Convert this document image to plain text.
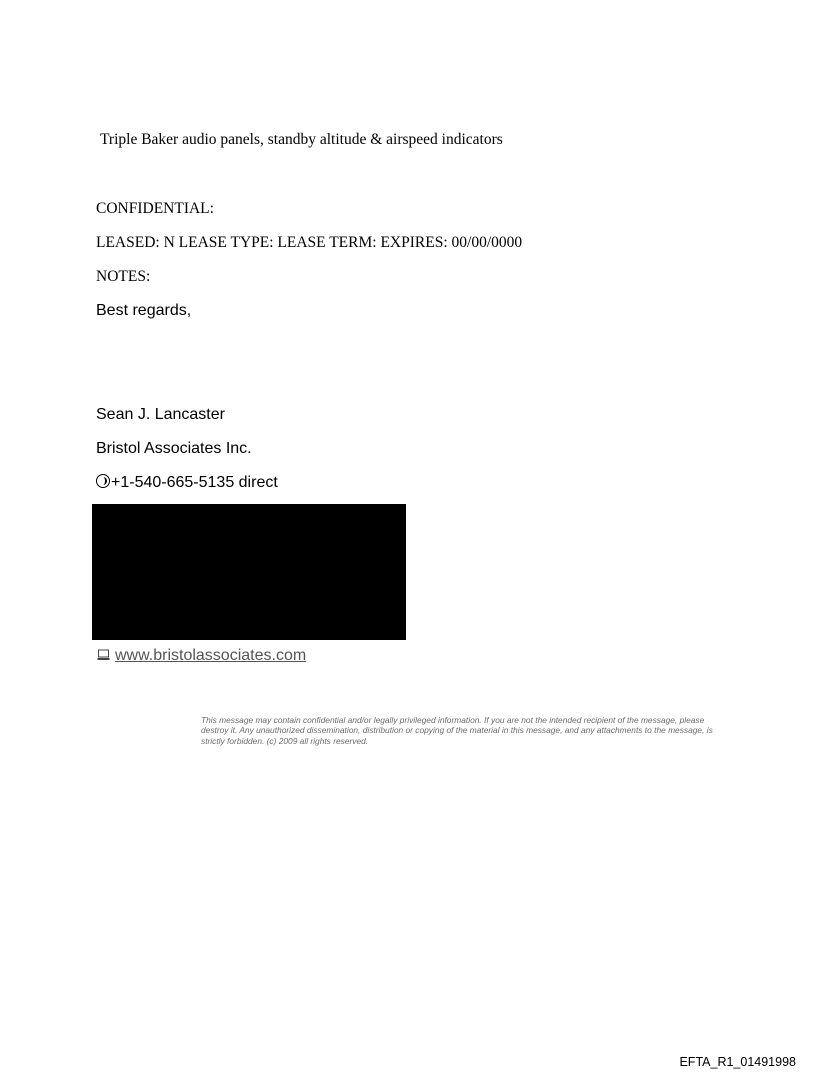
Triple Baker audio panels, standby altitude & airspeed indicators
CONFIDENTIAL:
LEASED: N LEASE TYPE: LEASE TERM: EXPIRES: 00/00/0000
NOTES:
Best regards,
Sean J. Lancaster
Bristol Associates Inc.
+1-540-665-5135 direct
www.bristolassociates.com
This message may contain confidential and/or legally privileged information. If you are not the intended recipient of the message, please destroy it. Any unauthorized dissemination, distribution or copying of the material in this message, and any attachments to the message, is strictly forbidden. (c) 2009 all rights reserved.
EFTA_R1_01491998
